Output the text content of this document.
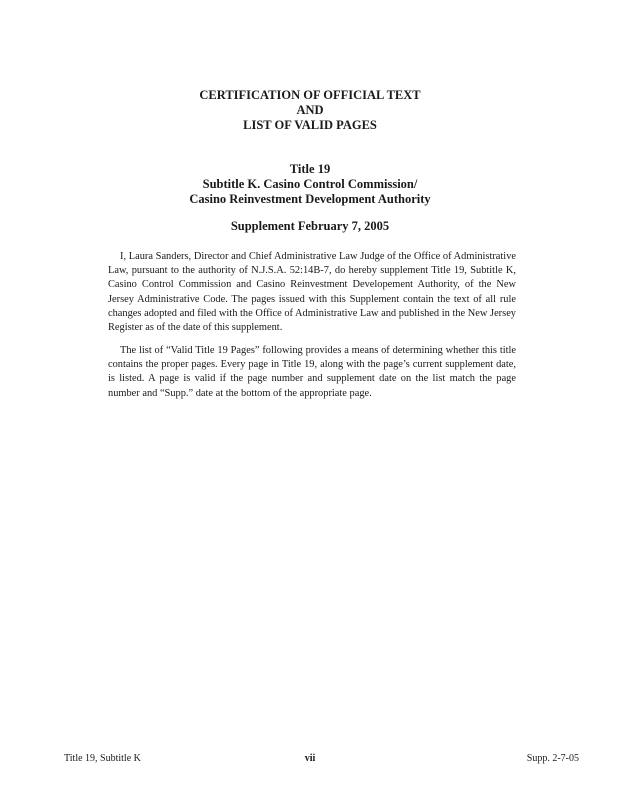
CERTIFICATION OF OFFICIAL TEXT
AND
LIST OF VALID PAGES
Title 19
Subtitle K. Casino Control Commission/
Casino Reinvestment Development Authority
Supplement February 7, 2005

I, Laura Sanders, Director and Chief Administrative Law Judge of the Office of Administrative Law, pursuant to the authority of N.J.S.A. 52:14B-7, do hereby supplement Title 19, Subtitle K, Casino Control Commission and Casino Reinvestment Developement Authority, of the New Jersey Administrative Code. The pages issued with this Supplement contain the text of all rule changes adopted and filed with the Office of Administrative Law and published in the New Jersey Register as of the date of this supplement.

The list of “Valid Title 19 Pages” following provides a means of determining whether this title contains the proper pages. Every page in Title 19, along with the page’s current supplement date, is listed. A page is valid if the page number and supplement date on the list match the page number and “Supp.” date at the bottom of the appropriate page.

Title 19, Subtitle K	vii	Supp. 2-7-05
